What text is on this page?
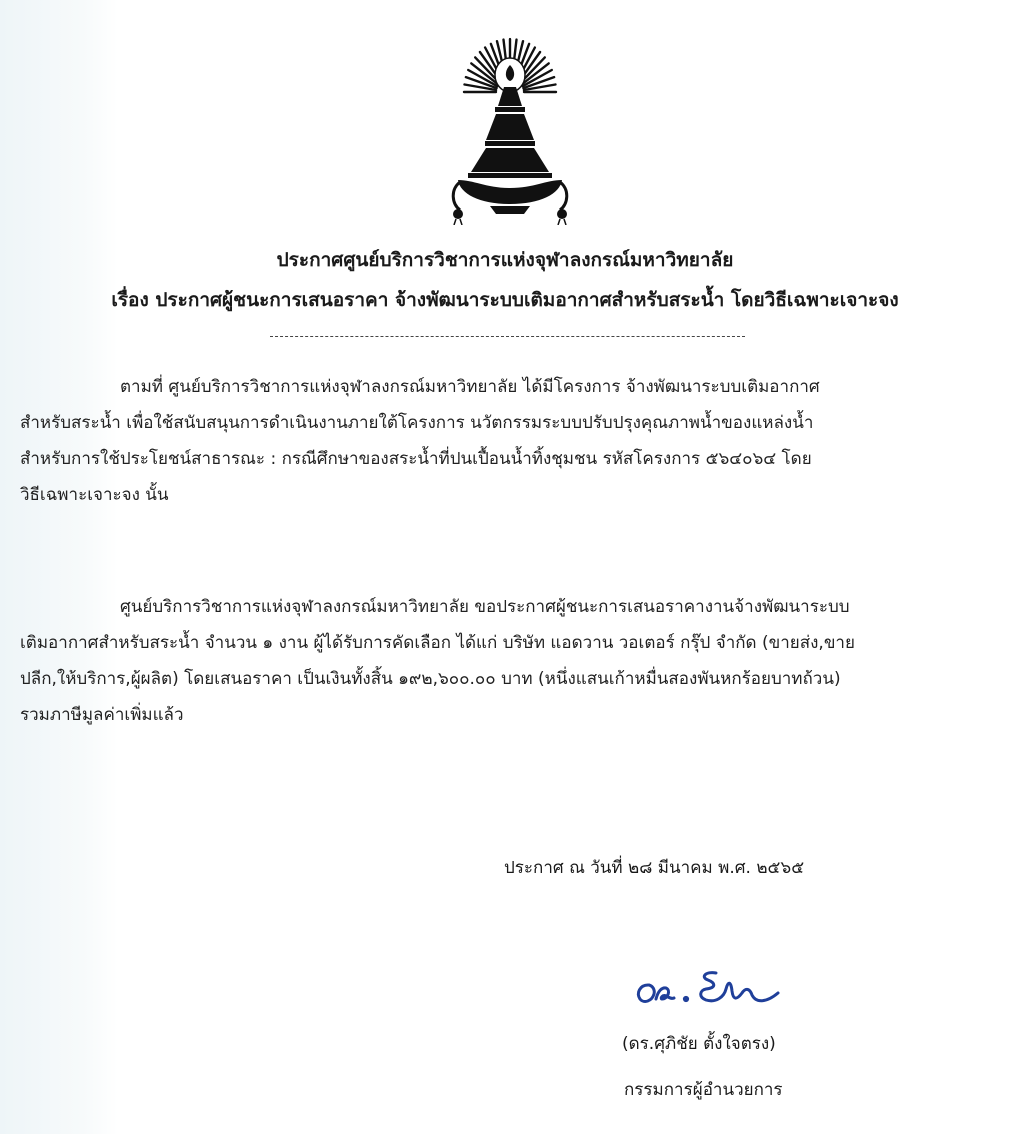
ประกาศศูนย์บริการวิชาการแห่งจุฬาลงกรณ์มหาวิทยาลัย
เรื่อง ประกาศผู้ชนะการเสนอราคา จ้างพัฒนาระบบเติมอากาศสำหรับสระน้ำ โดยวิธีเฉพาะเจาะจง
ตามที่ ศูนย์บริการวิชาการแห่งจุฬาลงกรณ์มหาวิทยาลัย ได้มีโครงการ จ้างพัฒนาระบบเติมอากาศ
สำหรับสระน้ำ เพื่อใช้สนับสนุนการดำเนินงานภายใต้โครงการ นวัตกรรมระบบปรับปรุงคุณภาพน้ำของแหล่งน้ำ
สำหรับการใช้ประโยชน์สาธารณะ : กรณีศึกษาของสระน้ำที่ปนเปื้อนน้ำทิ้งชุมชน รหัสโครงการ ๕๖๔๐๖๔ โดย
วิธีเฉพาะเจาะจง นั้น
ศูนย์บริการวิชาการแห่งจุฬาลงกรณ์มหาวิทยาลัย ขอประกาศผู้ชนะการเสนอราคางานจ้างพัฒนาระบบ
เติมอากาศสำหรับสระน้ำ จำนวน ๑ งาน ผู้ได้รับการคัดเลือก ได้แก่ บริษัท แอดวาน วอเตอร์ กรุ๊ป จำกัด (ขายส่ง,ขาย
ปลีก,ให้บริการ,ผู้ผลิต) โดยเสนอราคา เป็นเงินทั้งสิ้น ๑๙๒,๖๐๐.๐๐ บาท (หนึ่งแสนเก้าหมื่นสองพันหกร้อยบาทถ้วน)
รวมภาษีมูลค่าเพิ่มแล้ว
ประกาศ ณ วันที่ ๒๘ มีนาคม พ.ศ. ๒๕๖๕
(ดร.ศุภิชัย ตั้งใจตรง)
กรรมการผู้อำนวยการ
